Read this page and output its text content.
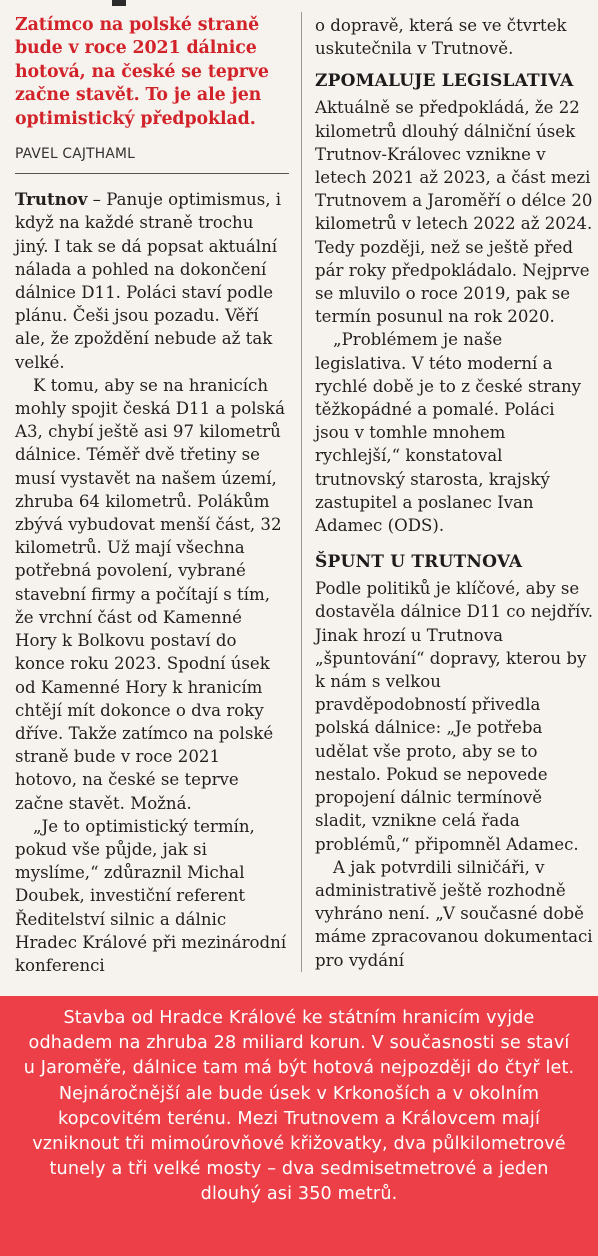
Zatímco na polské straně bude v roce 2021 dálnice hotová, na české se teprve začne stavět. To je ale jen optimistický předpoklad.

PAVEL CAJTHAML

Trutnov – Panuje optimismus, i když na každé straně trochu jiný. I tak se dá popsat aktuální nálada a pohled na dokončení dálnice D11. Poláci staví podle plánu. Češi jsou pozadu. Věří ale, že zpoždění nebude až tak velké.

K tomu, aby se na hranicích mohly spojit česká D11 a polská A3, chybí ještě asi 97 kilometrů dálnice. Téměř dvě třetiny se musí vystavět na našem území, zhruba 64 kilometrů. Polákům zbývá vybudovat menší část, 32 kilometrů. Už mají všechna potřebná povolení, vybrané stavební firmy a počítají s tím, že vrchní část od Kamenné Hory k Bolkovu postaví do konce roku 2023. Spodní úsek od Kamenné Hory k hranicím chtějí mít dokonce o dva roky dříve. Takže zatímco na polské straně bude v roce 2021 hotovo, na české se teprve začne stavět. Možná.

„Je to optimistický termín, pokud vše půjde, jak si myslíme,“ zdůraznil Michal Doubek, investiční referent Ředitelství silnic a dálnic Hradec Králové při mezinárodní konferenci

o dopravě, která se ve čtvrtek uskutečnila v Trutnově.

ZPOMALUJE LEGISLATIVA

Aktuálně se předpokládá, že 22 kilometrů dlouhý dálniční úsek Trutnov-Královec vznikne v letech 2021 až 2023, a část mezi Trutnovem a Jaroměří o délce 20 kilometrů v letech 2022 až 2024. Tedy později, než se ještě před pár roky předpokládalo. Nejprve se mluvilo o roce 2019, pak se termín posunul na rok 2020.

„Problémem je naše legislativa. V této moderní a rychlé době je to z české strany těžkopádné a pomalé. Poláci jsou v tomhle mnohem rychlejší,“ konstatoval trutnovský starosta, krajský zastupitel a poslanec Ivan Adamec (ODS).

ŠPUNT U TRUTNOVA

Podle politiků je klíčové, aby se dostavěla dálnice D11 co nejdřív. Jinak hrozí u Trutnova „špuntování“ dopravy, kterou by k nám s velkou pravděpodobností přivedla polská dálnice: „Je potřeba udělat vše proto, aby se to nestalo. Pokud se nepovede propojení dálnic termínově sladit, vznikne celá řada problémů,“ připomněl Adamec.

A jak potvrdili silničáři, v administrativě ještě rozhodně vyhráno není. „V současné době máme zpracovanou dokumentaci pro vydání

Stavba od Hradce Králové ke státním hranicím vyjde odhadem na zhruba 28 miliard korun. V současnosti se staví u Jaroměře, dálnice tam má být hotová nejpozději do čtyř let. Nejnáročnější ale bude úsek v Krkonoších a v okolním kopcovitém terénu. Mezi Trutnovem a Královcem mají vzniknout tři mimoúrovňové křižovatky, dva půlkilometrové tunely a tři velké mosty – dva sedmisetmetrové a jeden dlouhý asi 350 metrů.
